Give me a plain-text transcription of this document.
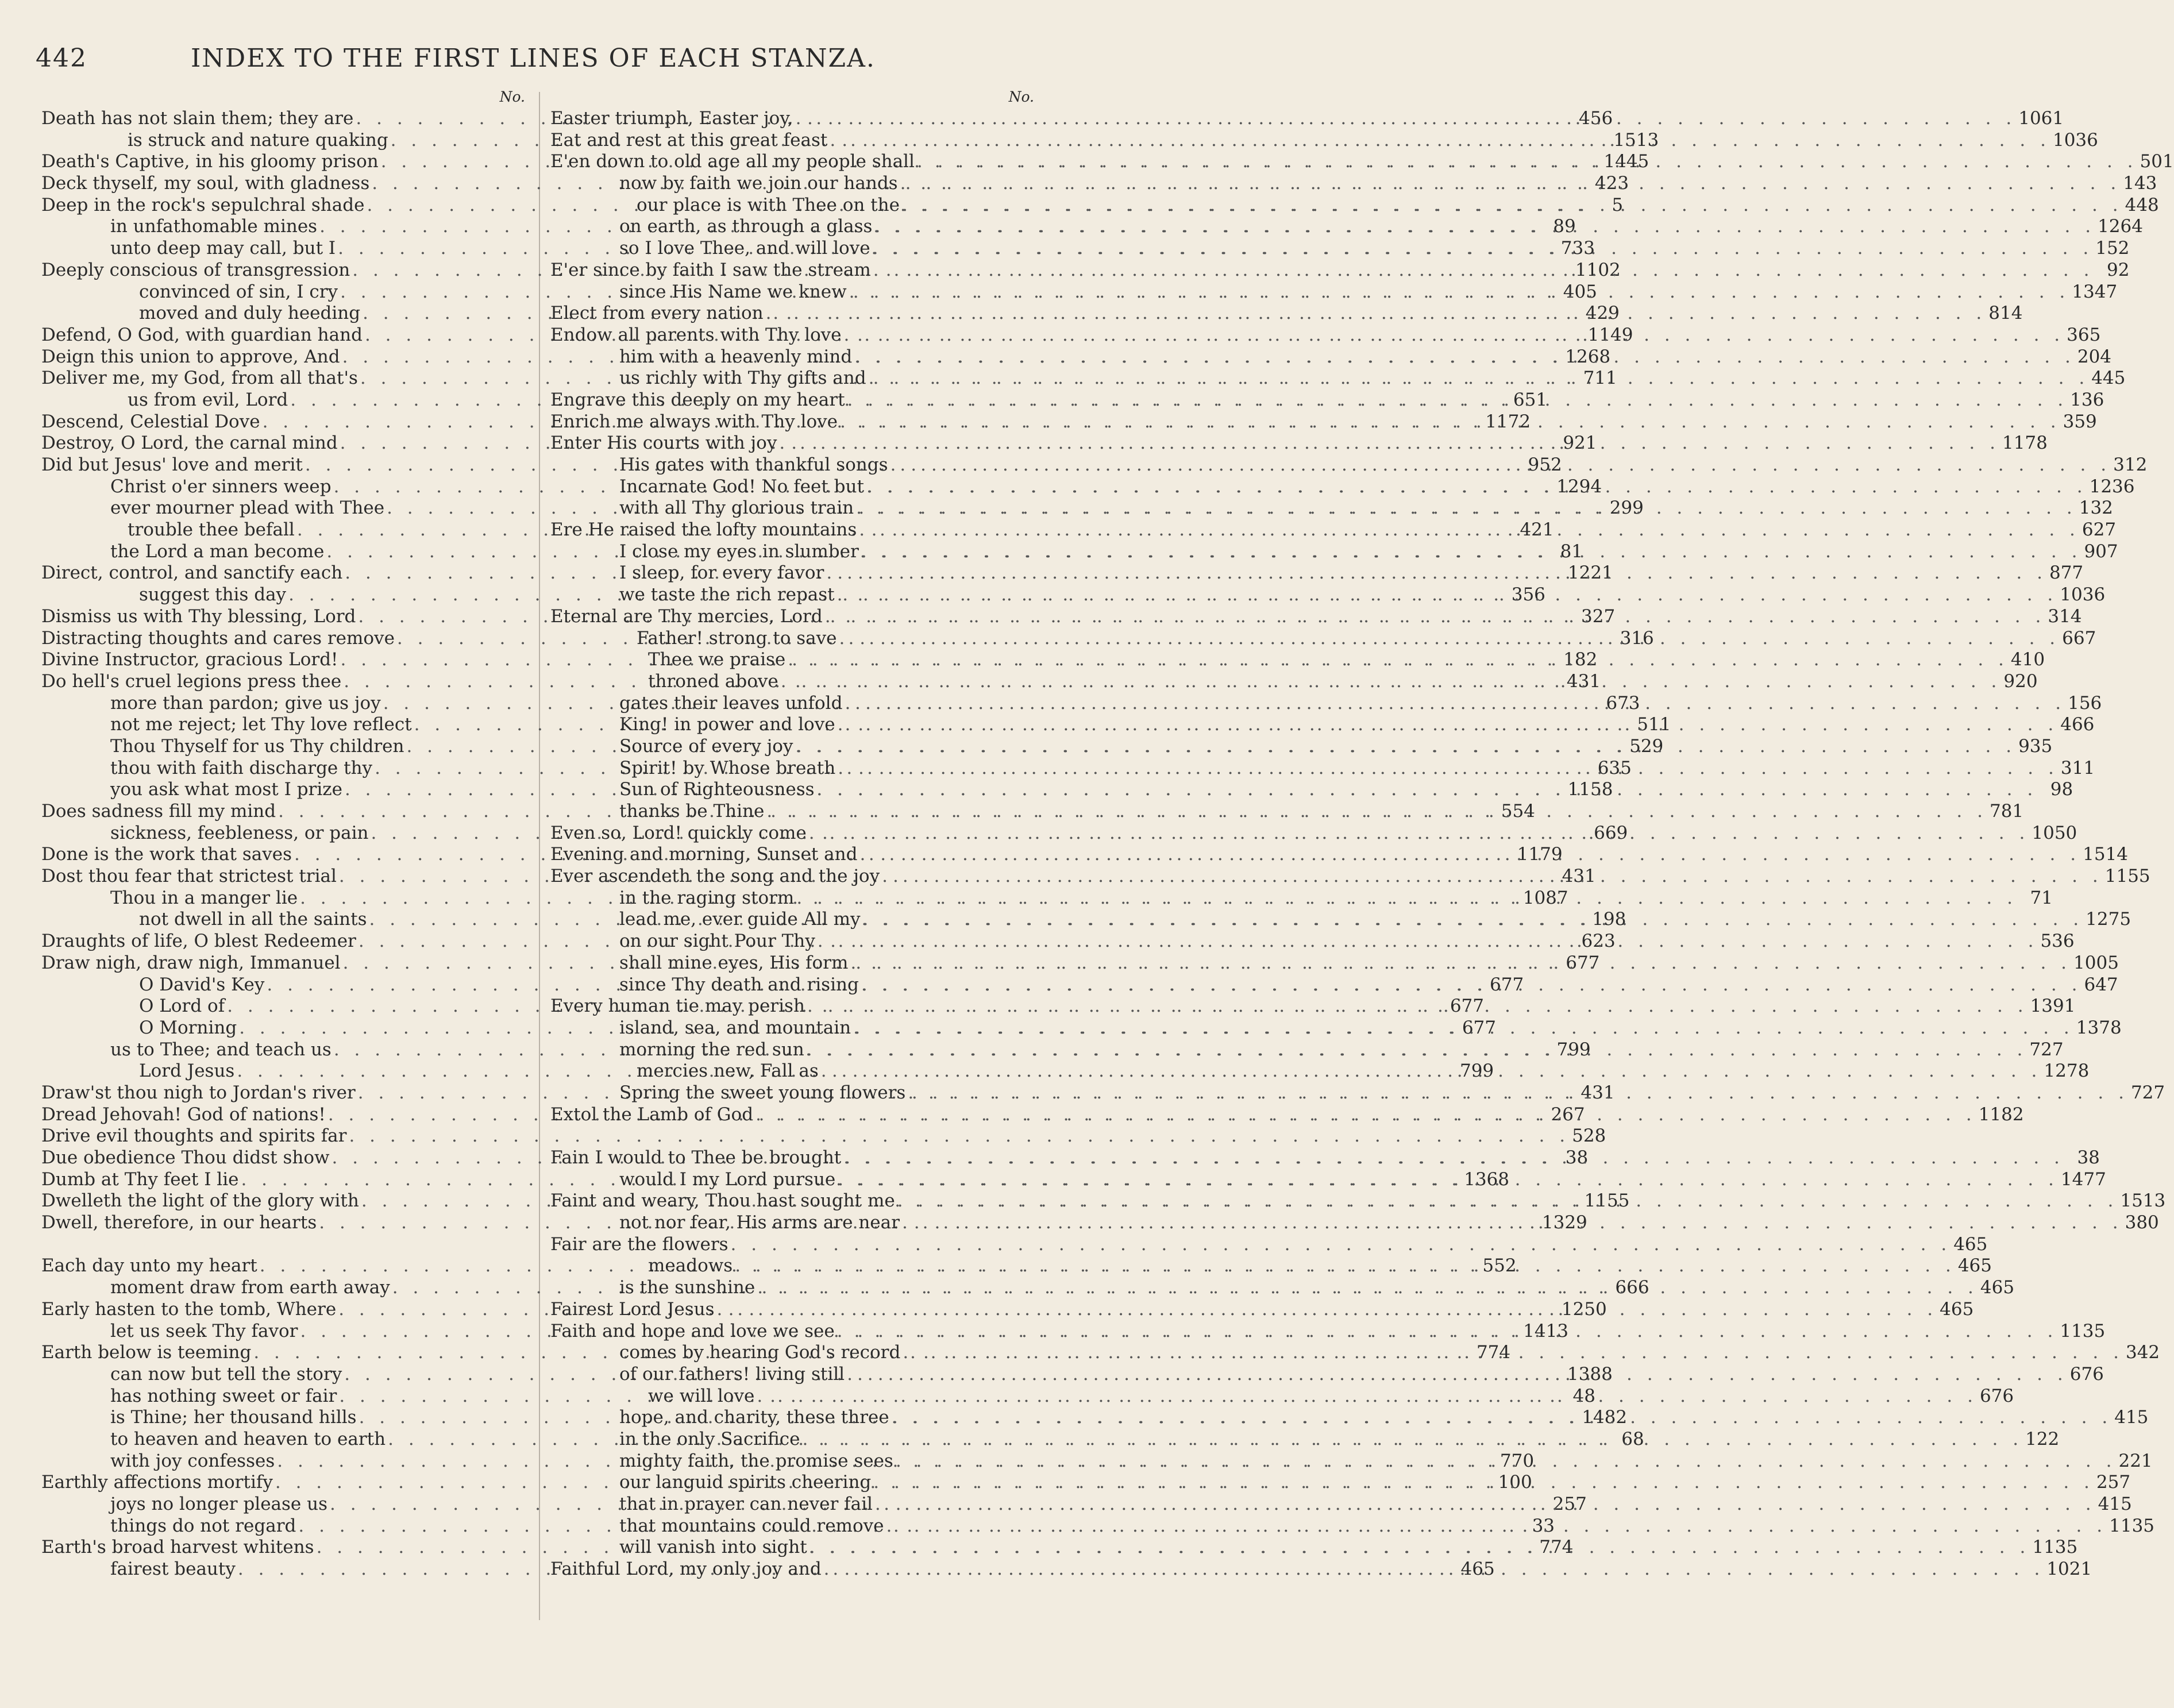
442	INDEX TO THE FIRST LINES OF EACH STANZA.
No.
Death has not slain them; they are . . .	456
is struck and nature quaking . . .	1513
Death's Captive, in his gloomy prison . . .	1445
Deck thyself, my soul, with gladness . . .	423
Deep in the rock's sepulchral shade . . .	5
in unfathomable mines . . .	89
unto deep may call, but I . . .	733
Deeply conscious of transgression . . .	1102
convinced of sin, I cry . . .	405
moved and duly heeding . . .	429
Defend, O God, with guardian hand . . .	1149
Deign this union to approve, And . . .	1268
Deliver me, my God, from all that's . . .	711
us from evil, Lord . . .	651
Descend, Celestial Dove . . .	1172
Destroy, O Lord, the carnal mind . . .	921
Did but Jesus' love and merit . . .	952
Christ o'er sinners weep . . .	1294
ever mourner plead with Thee . . .	299
trouble thee befall . . .	421
the Lord a man become . . .	81
Direct, control, and sanctify each . . .	1221
suggest this day . . .	356
Dismiss us with Thy blessing, Lord . . .	327
Distracting thoughts and cares remove . . .	316
Divine Instructor, gracious Lord! . . .	182
Do hell's cruel legions press thee . . .	431
more than pardon; give us joy . . .	673
not me reject; let Thy love reflect . . .	511
Thou Thyself for us Thy children . . .	529
thou with faith discharge thy . . .	635
you ask what most I prize . . .	1158
Does sadness fill my mind . . .	554
sickness, feebleness, or pain . . .	669
Done is the work that saves . . .	1179
Dost thou fear that strictest trial . . .	431
Thou in a manger lie . . .	1087
not dwell in all the saints . . .	198
Draughts of life, O blest Redeemer . . .	623
Draw nigh, draw nigh, Immanuel . . .	677
O David's Key . . .	677
O Lord of . . .	677
O Morning . . .	677
us to Thee; and teach us . . .	799
Lord Jesus . . .	799
Draw'st thou nigh to Jordan's river . . .	431
Dread Jehovah! God of nations! . . .	267
Drive evil thoughts and spirits far . . .	528
Due obedience Thou didst show . . .	38
Dumb at Thy feet I lie . . .	1368
Dwelleth the light of the glory with . . .	1155
Dwell, therefore, in our hearts . . .	1329
Each day unto my heart . . .	552
moment draw from earth away . . .	666
Early hasten to the tomb, Where . . .	1250
let us seek Thy favor . . .	1413
Earth below is teeming . . .	774
can now but tell the story . . .	1388
has nothing sweet or fair . . .	48
is Thine; her thousand hills . . .	1482
to heaven and heaven to earth . . .	68
with joy confesses . . .	770
Earthly affections mortify . . .	100
joys no longer please us . . .	257
things do not regard . . .	33
Earth's broad harvest whitens . . .	774
fairest beauty . . .	465
No.
Easter triumph, Easter joy, . . .	1061
Eat and rest at this great feast . . .	1036
E'en down to old age all my people shall . . .	501
now by faith we join our hands . . .	143
our place is with Thee on the . . .	448
on earth, as through a glass . . .	1264
so I love Thee, and will love . . .	152
E'er since by faith I saw the stream . . .	92
since His Name we knew . . .	1347
Elect from every nation . . .	814
Endow all parents with Thy love . . .	365
him with a heavenly mind . . .	204
us richly with Thy gifts and . . .	445
Engrave this deeply on my heart . . .	136
Enrich me always with Thy love . . .	359
Enter His courts with joy . . .	1178
His gates with thankful songs . . .	312
Incarnate God! No feet but . . .	1236
with all Thy glorious train . . .	132
Ere He raised the lofty mountains . . .	627
I close my eyes in slumber . . .	907
I sleep, for every favor . . .	877
we taste the rich repast . . .	1036
Eternal are Thy mercies, Lord . . .	314
Father! strong to save . . .	667
Thee we praise . . .	410
throned above . . .	920
gates their leaves unfold . . .	156
King! in power and love . . .	466
Source of every joy . . .	935
Spirit! by Whose breath . . .	311
Sun of Righteousness . . .	98
thanks be Thine . . .	781
Even so, Lord! quickly come . . .	1050
Evening and morning, Sunset and . . .	1514
Ever ascendeth the song and the joy . . .	1155
in the raging storm . . .	71
lead me, ever guide All my . . .	1275
on our sight Pour Thy . . .	536
shall mine eyes, His form . . .	1005
since Thy death and rising . . .	647
Every human tie may perish . . .	1391
island, sea, and mountain . . .	1378
morning the red sun . . .	727
mercies new, Fall as . . .	1278
Spring the sweet young flowers . . .	727
Extol the Lamb of God . . .	1182
Fain I would to Thee be brought . . .	38
would I my Lord pursue . . .	1477
Faint and weary, Thou hast sought me . . .	1513
not nor fear, His arms are near . . .	380
Fair are the flowers . . .	465
meadows . . .	465
is the sunshine . . .	465
Fairest Lord Jesus . . .	465
Faith and hope and love we see . . .	1135
comes by hearing God's record . . .	342
of our fathers! living still . . .	676
we will love . . .	676
hope, and charity, these three . . .	415
in the only Sacrifice . . .	122
mighty faith, the promise sees . . .	221
our languid spirits cheering . . .	257
that in prayer can never fail . . .	415
that mountains could remove . . .	1135
will vanish into sight . . .	1135
Faithful Lord, my only joy and . . .	1021
